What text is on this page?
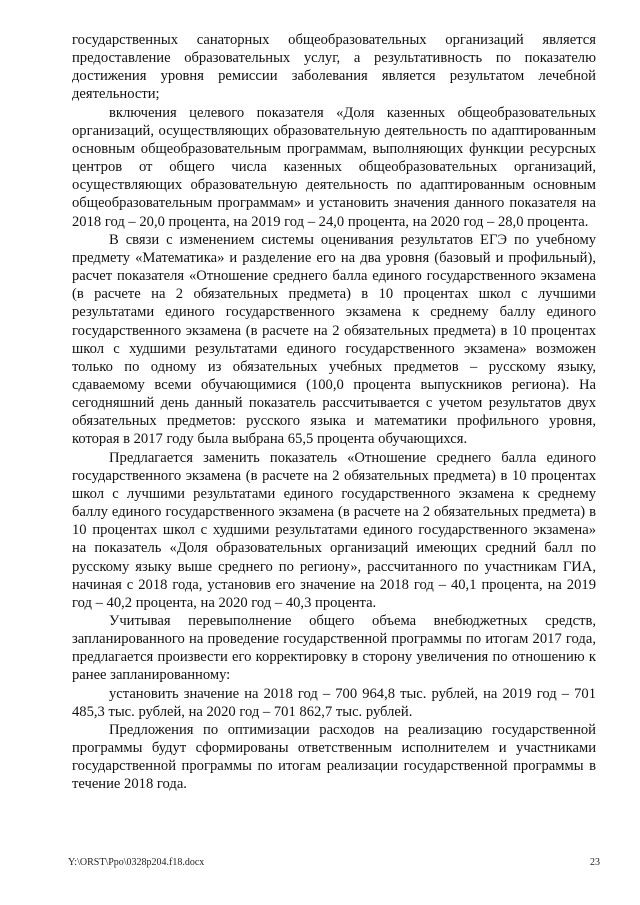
государственных санаторных общеобразовательных организаций является предоставление образовательных услуг, а результативность по показателю достижения уровня ремиссии заболевания является результатом лечебной деятельности;

включения целевого показателя «Доля казенных общеобразовательных организаций, осуществляющих образовательную деятельность по адаптированным основным общеобразовательным программам, выполняющих функции ресурсных центров от общего числа казенных общеобразовательных организаций, осуществляющих образовательную деятельность по адаптированным основным общеобразовательным программам» и установить значения данного показателя на 2018 год – 20,0 процента, на 2019 год – 24,0 процента, на 2020 год – 28,0 процента.

В связи с изменением системы оценивания результатов ЕГЭ по учебному предмету «Математика» и разделение его на два уровня (базовый и профильный), расчет показателя «Отношение среднего балла единого государственного экзамена (в расчете на 2 обязательных предмета) в 10 процентах школ с лучшими результатами единого государственного экзамена к среднему баллу единого государственного экзамена (в расчете на 2 обязательных предмета) в 10 процентах школ с худшими результатами единого государственного экзамена» возможен только по одному из обязательных учебных предметов – русскому языку, сдаваемому всеми обучающимися (100,0 процента выпускников региона). На сегодняшний день данный показатель рассчитывается с учетом результатов двух обязательных предметов: русского языка и математики профильного уровня, которая в 2017 году была выбрана 65,5 процента обучающихся.

Предлагается заменить показатель «Отношение среднего балла единого государственного экзамена (в расчете на 2 обязательных предмета) в 10 процентах школ с лучшими результатами единого государственного экзамена к среднему баллу единого государственного экзамена (в расчете на 2 обязательных предмета) в 10 процентах школ с худшими результатами единого государственного экзамена» на показатель «Доля образовательных организаций имеющих средний балл по русскому языку выше среднего по региону», рассчитанного по участникам ГИА, начиная с 2018 года, установив его значение на 2018 год – 40,1 процента, на 2019 год – 40,2 процента, на 2020 год – 40,3 процента.

Учитывая перевыполнение общего объема внебюджетных средств, запланированного на проведение государственной программы по итогам 2017 года, предлагается произвести его корректировку в сторону увеличения по отношению к ранее запланированному:

установить значение на 2018 год – 700 964,8 тыс. рублей, на 2019 год – 701 485,3 тыс. рублей, на 2020 год – 701 862,7 тыс. рублей.

Предложения по оптимизации расходов на реализацию государственной программы будут сформированы ответственным исполнителем и участниками государственной программы по итогам реализации государственной программы в течение 2018 года.

Y:\ORST\Ppo\0328p204.f18.docx	23
